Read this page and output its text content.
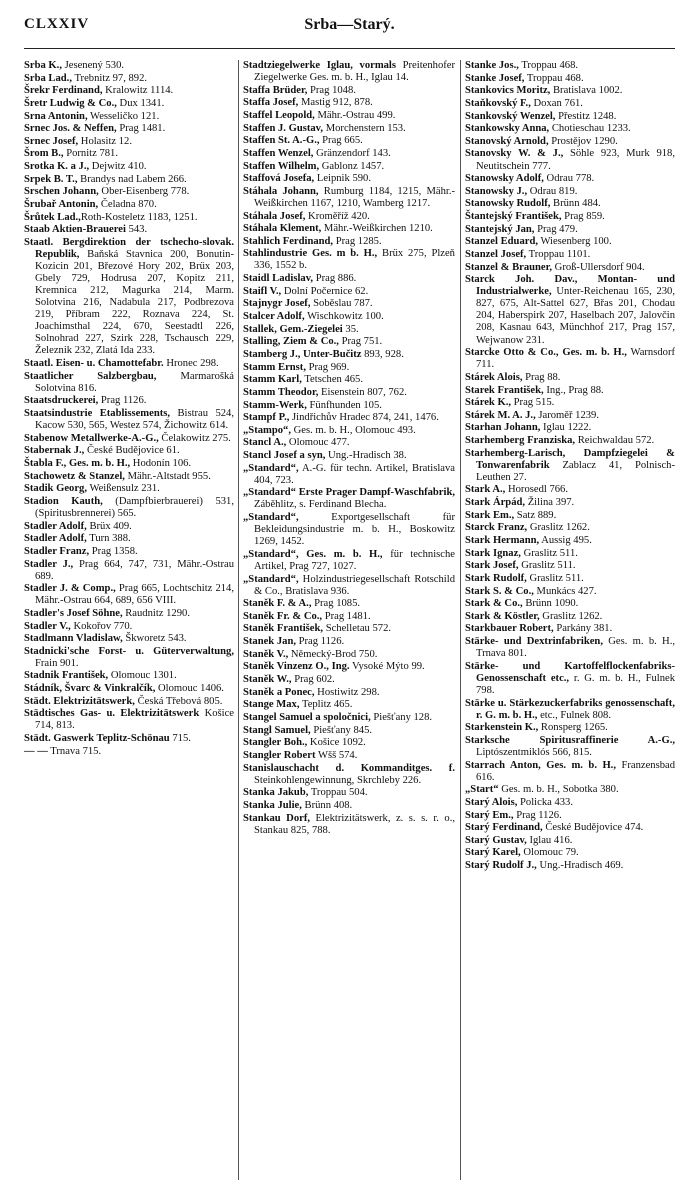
CLXXIV	Srba—Starý.

Srba K., Jesenený 530.

Srba Lad., Trebnitz 97, 892.

Šrekr Ferdinand, Kralowitz 1114.

Šretr Ludwig & Co., Dux 1341.

Srna Antonin, Wesseličko 121.

Srnec Jos. & Neffen, Prag 1481.

Srnec Josef, Holasitz 12.

Šrom B., Pornitz 781.

Srotka K. a J., Dejwitz 410.

Srpek B. T., Brandys nad Labem 266.

Srschen Johann, Ober-Eisenberg 778.

Šrubař Antonin, Čeladna 870.

Šrůtek Lad.,Roth-Kosteletz 1183, 1251.

Staab Aktien-Brauerei 543.

Staatl. Bergdirektion der tschecho-slovak. Republik, Baňská Stavnica 200, Bonutin-Kozicin 201, Březové Hory 202, Brüx 203, Gbely 729, Hodrusa 207, Kopitz 211, Kremnica 212, Magurka 214, Marm. Solotvina 216, Nadabula 217, Podbrezova 219, Příbram 222, Roznava 224, St. Joachimsthal 224, 670, Seestadtl 226, Solnohrad 227, Szirk 228, Tschausch 229, Železnik 232, Zlatá Ida 233.

Staatl. Eisen- u. Chamottefabr. Hronec 298.

Staatlicher Salzbergbau, Marmarošká Solotvina 816.

Staatsdruckerei, Prag 1126.

Staatsindustrie Etablissements, Bistrau 524, Kacow 530, 565, Westez 574, Žichowitz 614.

Stabenow Metallwerke-A.-G., Čelakowitz 275.

Stabernak J., České Budějovice 61.

Štabla F., Ges. m. b. H., Hodonín 106.

Stachowetz & Stanzel, Mähr.-Altstadt 955.

Stadik Georg, Weißensulz 231.

Stadion Kauth, (Dampfbierbrauerei) 531, (Spiritusbrennerei) 565.

Stadler Adolf, Brüx 409.

Stadler Adolf, Turn 388.

Stadler Franz, Prag 1358.

Stadler J., Prag 664, 747, 731, Mähr.-Ostrau 689.

Stadler J. & Comp., Prag 665, Lochtschitz 214, Mähr.-Ostrau 664, 689, 656 VIII.

Stadler's Josef Söhne, Raudnitz 1290.

Stadler V., Kokořov 770.

Stadlmann Vladislaw, Škworetz 543.

Stadnicki'sche Forst- u. Güterverwaltung, Frain 901.

Stadnik František, Olomouc 1301.

Stádník, Švarc & Vinkralčík, Olomouc 1406.

Städt. Elektrizitätswerk, Česká Třebová 805.

Städtisches Gas- u. Elektrizitätswerk Košice 714, 813.

Städt. Gaswerk Teplitz-Schönau 715.

— — Trnava 715.

Stadtziegelwerke Iglau, vormals Preitenhofer Ziegelwerke Ges. m. b. H., Iglau 14.

Staffa Brüder, Prag 1048.

Staffa Josef, Mastig 912, 878.

Staffel Leopold, Mähr.-Ostrau 499.

Staffen J. Gustav, Morchenstern 153.

Staffen St. A.-G., Prag 665.

Staffen Wenzel, Gränzendorf 143.

Staffen Wilhelm, Gablonz 1457.

Staffová Josefa, Leipnik 590.

Stáhala Johann, Rumburg 1184, 1215, Mähr.-Weißkirchen 1167, 1210, Wamberg 1217.

Stáhala Josef, Kroměříž 420.

Stáhala Klement, Mähr.-Weißkirchen 1210.

Stahlich Ferdinand, Prag 1285.

Stahlindustrie Ges. m b. H., Brüx 275, Plzeň 336, 1552 b.

Staidl Ladislav, Prag 886.

Staifl V., Dolní Počernice 62.

Stajnygr Josef, Soběslau 787.

Stalcer Adolf, Wischkowitz 100.

Stallek, Gem.-Ziegelei 35.

Stalling, Ziem & Co., Prag 751.

Stamberg J., Unter-Bučitz 893, 928.

Stamm Ernst, Prag 969.

Stamm Karl, Tetschen 465.

Stamm Theodor, Eisenstein 807, 762.

Stamm-Werk, Fünfhunden 105.

Stampf P., Jindřichův Hradec 874, 241, 1476.

„Stampo“, Ges. m. b. H., Olomouc 493.

Stancl A., Olomouc 477.

Stancl Josef a syn, Ung.-Hradisch 38.

„Standard“, A.-G. für techn. Artikel, Bratislava 404, 723.

„Standard“ Erste Prager Dampf-Waschfabrik, Záběhlitz, s. Ferdinand Blecha.

„Standard“, Exportgesellschaft für Bekleidungsindustrie m. b. H., Boskowitz 1269, 1452.

„Standard“, Ges. m. b. H., für technische Artikel, Prag 727, 1027.

„Standard“, Holzindustriegesellschaft Rotschild & Co., Bratislava 936.

Staněk F. & A., Prag 1085.

Staněk Fr. & Co., Prag 1481.

Staněk František, Schelletau 572.

Stanek Jan, Prag 1126.

Staněk V., Německý-Brod 750.

Staněk Vinzenz O., Ing. Vysoké Mýto 99.

Staněk W., Prag 602.

Staněk a Ponec, Hostiwitz 298.

Stange Max, Teplitz 465.

Stangel Samuel a spoločnici, Piešťany 128.

Stangl Samuel, Piešťany 845.

Stangler Boh., Košice 1092.

Stangler Robert Wšš 574.

Stanislauschacht d. Kommanditges. f. Steinkohlengewinnung, Skrchleby 226.

Stanka Jakub, Troppau 504.

Stanka Julie, Brünn 408.

Stankau Dorf, Elektrizitätswerk, z. s. s. r. o., Stankau 825, 788.

Stanke Jos., Troppau 468.

Stanke Josef, Troppau 468.

Stankovics Moritz, Bratislava 1002.

Staňkovský F., Doxan 761.

Stankovský Wenzel, Přestitz 1248.

Stankowsky Anna, Chotieschau 1233.

Stanovský Arnold, Prostějov 1290.

Stanovsky W. & J., Söhle 923, Murk 918, Neutitschein 777.

Stanowsky Adolf, Odrau 778.

Stanowsky J., Odrau 819.

Stanowsky Rudolf, Brünn 484.

Štantejský František, Prag 859.

Stantejský Jan, Prag 479.

Stanzel Eduard, Wiesenberg 100.

Stanzel Josef, Troppau 1101.

Stanzel & Brauner, Groß-Ullersdorf 904.

Starck Joh. Dav., Montan- und Industrialwerke, Unter-Reichenau 165, 230, 827, 675, Alt-Sattel 627, Břas 201, Chodau 204, Haberspirk 207, Haselbach 207, Jalovčin 208, Kasnau 643, Münchhof 217, Prag 157, Wejwanow 231.

Starcke Otto & Co., Ges. m. b. H., Warnsdorf 711.

Stárek Alois, Prag 88.

Starek František, Ing., Prag 88.

Stárek K., Prag 515.

Stárek M. A. J., Jaroměř 1239.

Starhan Johann, Iglau 1222.

Starhemberg Franziska, Reichwaldau 572.

Starhemberg-Larisch, Dampfziegelei & Tonwarenfabrik Zablacz 41, Polnisch-Leuthen 27.

Stark A., Horosedl 766.

Stark Árpád, Žilina 397.

Stark Em., Satz 889.

Starck Franz, Graslitz 1262.

Stark Hermann, Aussig 495.

Stark Ignaz, Graslitz 511.

Stark Josef, Graslitz 511.

Stark Rudolf, Graslitz 511.

Stark S. & Co., Munkács 427.

Stark & Co., Brünn 1090.

Stark & Köstler, Graslitz 1262.

Starkbauer Robert, Parkány 381.

Stärke- und Dextrinfabriken, Ges. m. b. H., Trnava 801.

Stärke- und Kartoffelflockenfabriks-Genossenschaft etc., r. G. m. b. H., Fulnek 798.

Stärke u. Stärkezuckerfabriks genossenschaft, r. G. m. b. H., etc., Fulnek 808.

Starkenstein K., Ronsperg 1265.

Starksche Spiritusraffinerie A.-G., Liptószentmiklós 566, 815.

Starrach Anton, Ges. m. b. H., Franzensbad 616.

„Start“ Ges. m. b. H., Sobotka 380.

Starý Alois, Policka 433.

Starý Em., Prag 1126.

Starý Ferdinand, České Budějovice 474.

Starý Gustav, Iglau 416.

Starý Karel, Olomouc 79.

Starý Rudolf J., Ung.-Hradisch 469.
